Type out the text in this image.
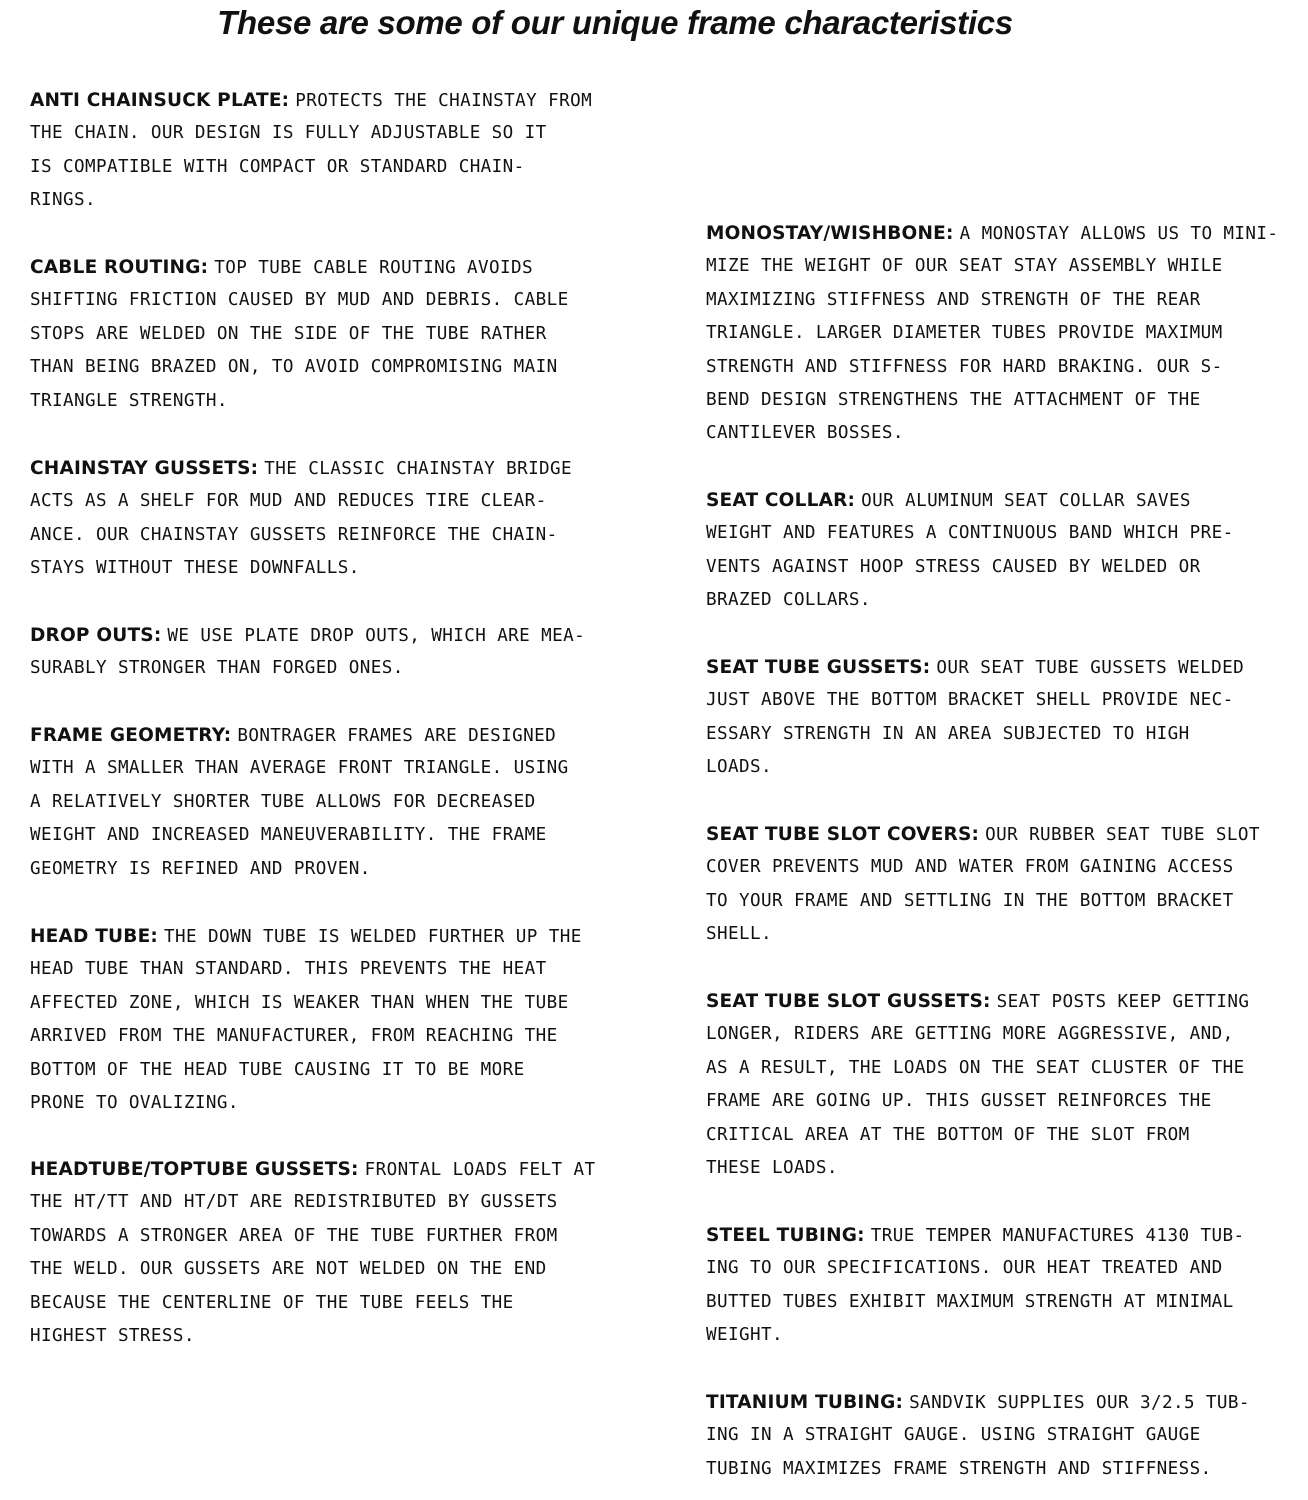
These are some of our unique frame characteristics
ANTI CHAINSUCK PLATE: PROTECTS THE CHAINSTAY FROM
THE CHAIN. OUR DESIGN IS FULLY ADJUSTABLE SO IT
IS COMPATIBLE WITH COMPACT OR STANDARD CHAIN-
RINGS.
CABLE ROUTING: TOP TUBE CABLE ROUTING AVOIDS
SHIFTING FRICTION CAUSED BY MUD AND DEBRIS. CABLE
STOPS ARE WELDED ON THE SIDE OF THE TUBE RATHER
THAN BEING BRAZED ON, TO AVOID COMPROMISING MAIN
TRIANGLE STRENGTH.
CHAINSTAY GUSSETS: THE CLASSIC CHAINSTAY BRIDGE
ACTS AS A SHELF FOR MUD AND REDUCES TIRE CLEAR-
ANCE. OUR CHAINSTAY GUSSETS REINFORCE THE CHAIN-
STAYS WITHOUT THESE DOWNFALLS.
DROP OUTS: WE USE PLATE DROP OUTS, WHICH ARE MEA-
SURABLY STRONGER THAN FORGED ONES.
FRAME GEOMETRY: BONTRAGER FRAMES ARE DESIGNED
WITH A SMALLER THAN AVERAGE FRONT TRIANGLE. USING
A RELATIVELY SHORTER TUBE ALLOWS FOR DECREASED
WEIGHT AND INCREASED MANEUVERABILITY. THE FRAME
GEOMETRY IS REFINED AND PROVEN.
HEAD TUBE: THE DOWN TUBE IS WELDED FURTHER UP THE
HEAD TUBE THAN STANDARD. THIS PREVENTS THE HEAT
AFFECTED ZONE, WHICH IS WEAKER THAN WHEN THE TUBE
ARRIVED FROM THE MANUFACTURER, FROM REACHING THE
BOTTOM OF THE HEAD TUBE CAUSING IT TO BE MORE
PRONE TO OVALIZING.
HEADTUBE/TOPTUBE GUSSETS: FRONTAL LOADS FELT AT
THE HT/TT AND HT/DT ARE REDISTRIBUTED BY GUSSETS
TOWARDS A STRONGER AREA OF THE TUBE FURTHER FROM
THE WELD. OUR GUSSETS ARE NOT WELDED ON THE END
BECAUSE THE CENTERLINE OF THE TUBE FEELS THE
HIGHEST STRESS.
MONOSTAY/WISHBONE: A MONOSTAY ALLOWS US TO MINI-
MIZE THE WEIGHT OF OUR SEAT STAY ASSEMBLY WHILE
MAXIMIZING STIFFNESS AND STRENGTH OF THE REAR
TRIANGLE. LARGER DIAMETER TUBES PROVIDE MAXIMUM
STRENGTH AND STIFFNESS FOR HARD BRAKING. OUR S-
BEND DESIGN STRENGTHENS THE ATTACHMENT OF THE
CANTILEVER BOSSES.
SEAT COLLAR: OUR ALUMINUM SEAT COLLAR SAVES
WEIGHT AND FEATURES A CONTINUOUS BAND WHICH PRE-
VENTS AGAINST HOOP STRESS CAUSED BY WELDED OR
BRAZED COLLARS.
SEAT TUBE GUSSETS: OUR SEAT TUBE GUSSETS WELDED
JUST ABOVE THE BOTTOM BRACKET SHELL PROVIDE NEC-
ESSARY STRENGTH IN AN AREA SUBJECTED TO HIGH
LOADS.
SEAT TUBE SLOT COVERS: OUR RUBBER SEAT TUBE SLOT
COVER PREVENTS MUD AND WATER FROM GAINING ACCESS
TO YOUR FRAME AND SETTLING IN THE BOTTOM BRACKET
SHELL.
SEAT TUBE SLOT GUSSETS: SEAT POSTS KEEP GETTING
LONGER, RIDERS ARE GETTING MORE AGGRESSIVE, AND,
AS A RESULT, THE LOADS ON THE SEAT CLUSTER OF THE
FRAME ARE GOING UP. THIS GUSSET REINFORCES THE
CRITICAL AREA AT THE BOTTOM OF THE SLOT FROM
THESE LOADS.
STEEL TUBING: TRUE TEMPER MANUFACTURES 4130 TUB-
ING TO OUR SPECIFICATIONS. OUR HEAT TREATED AND
BUTTED TUBES EXHIBIT MAXIMUM STRENGTH AT MINIMAL
WEIGHT.
TITANIUM TUBING: SANDVIK SUPPLIES OUR 3/2.5 TUB-
ING IN A STRAIGHT GAUGE. USING STRAIGHT GAUGE
TUBING MAXIMIZES FRAME STRENGTH AND STIFFNESS.
